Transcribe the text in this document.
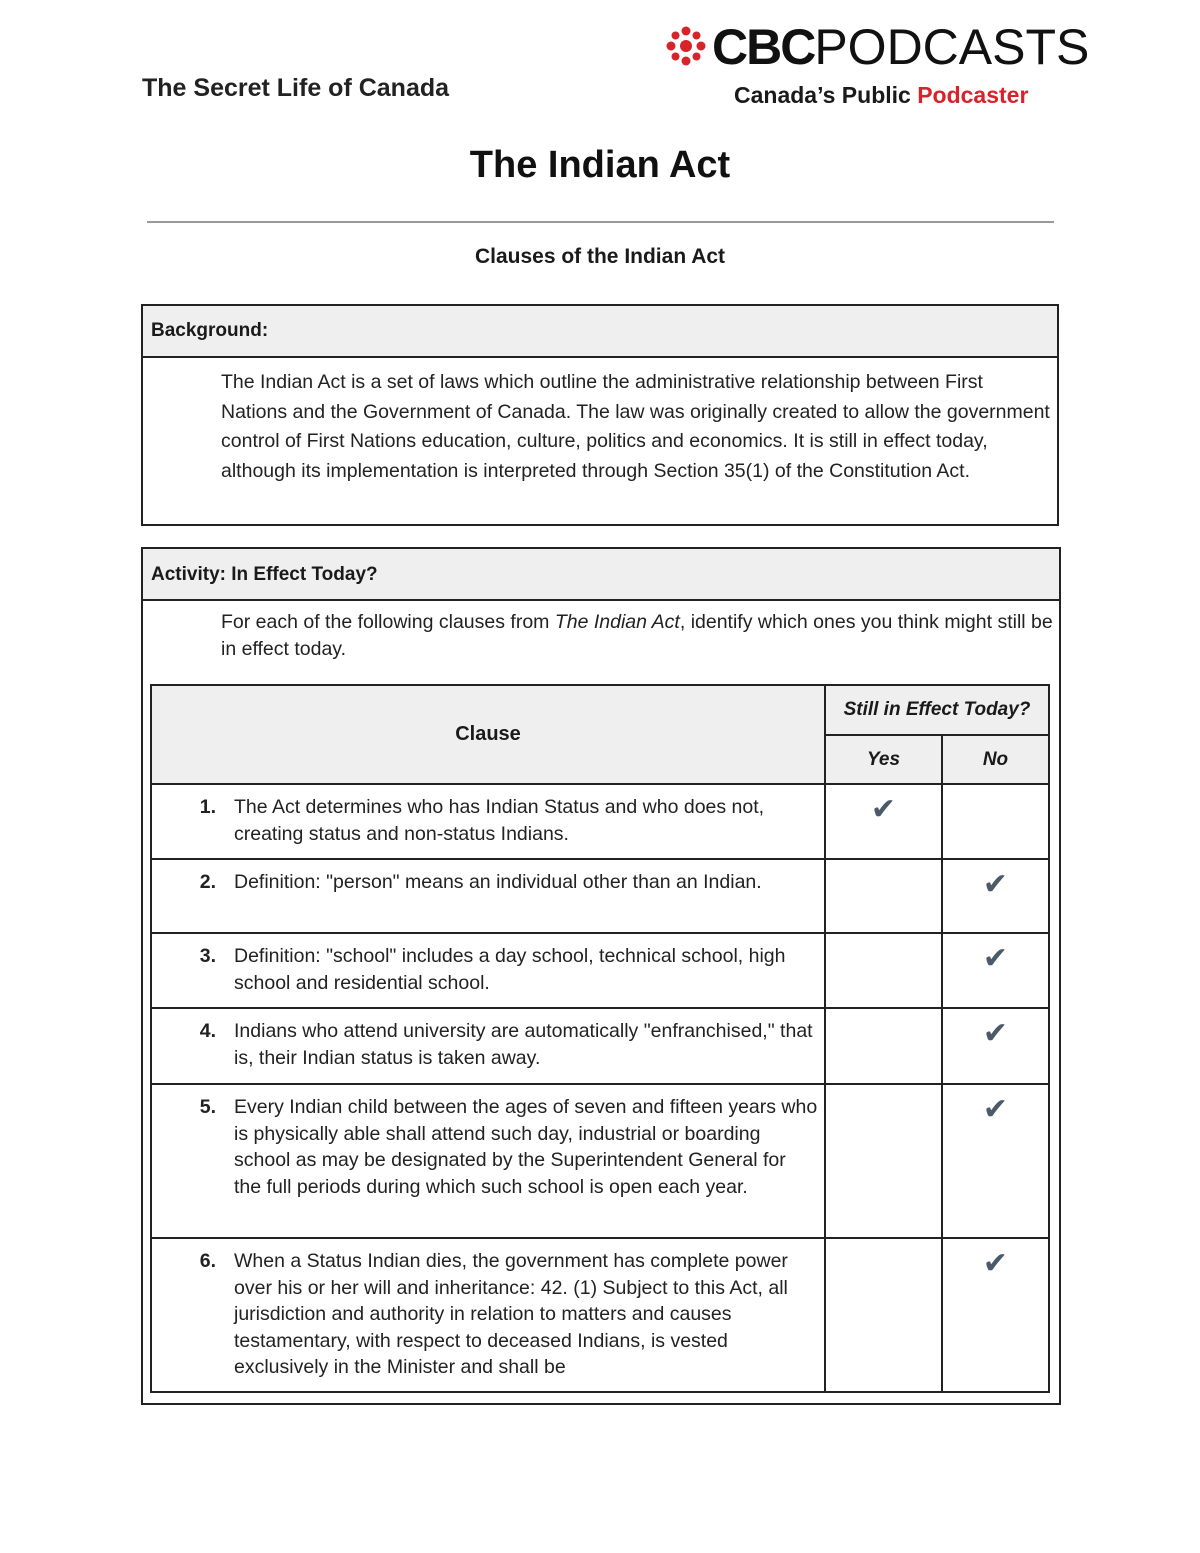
The Secret Life of Canada
CBCPODCASTS
Canada’s Public Podcaster
The Indian Act
Clauses of the Indian Act
Background:
The Indian Act is a set of laws which outline the administrative relationship between First Nations and the Government of Canada. The law was originally created to allow the government control of First Nations education, culture, politics and economics. It is still in effect today, although its implementation is interpreted through Section 35(1) of the Constitution Act.
Activity: In Effect Today?
For each of the following clauses from The Indian Act, identify which ones you think might still be in effect today.
Clause	Still in Effect Today?	
	Yes	No

1. The Act determines who has Indian Status and who does not, creating status and non-status Indians.	✔	

2. Definition: "person" means an individual other than an Indian.		✔

3. Definition: "school" includes a day school, technical school, high school and residential school.		✔

4. Indians who attend university are automatically "enfranchised," that is, their Indian status is taken away.		✔

5. Every Indian child between the ages of seven and fifteen years who is physically able shall attend such day, industrial or boarding school as may be designated by the Superintendent General for the full periods during which such school is open each year.		✔

6. When a Status Indian dies, the government has complete power over his or her will and inheritance: 42. (1) Subject to this Act, all jurisdiction and authority in relation to matters and causes testamentary, with respect to deceased Indians, is vested exclusively in the Minister and shall be		✔
